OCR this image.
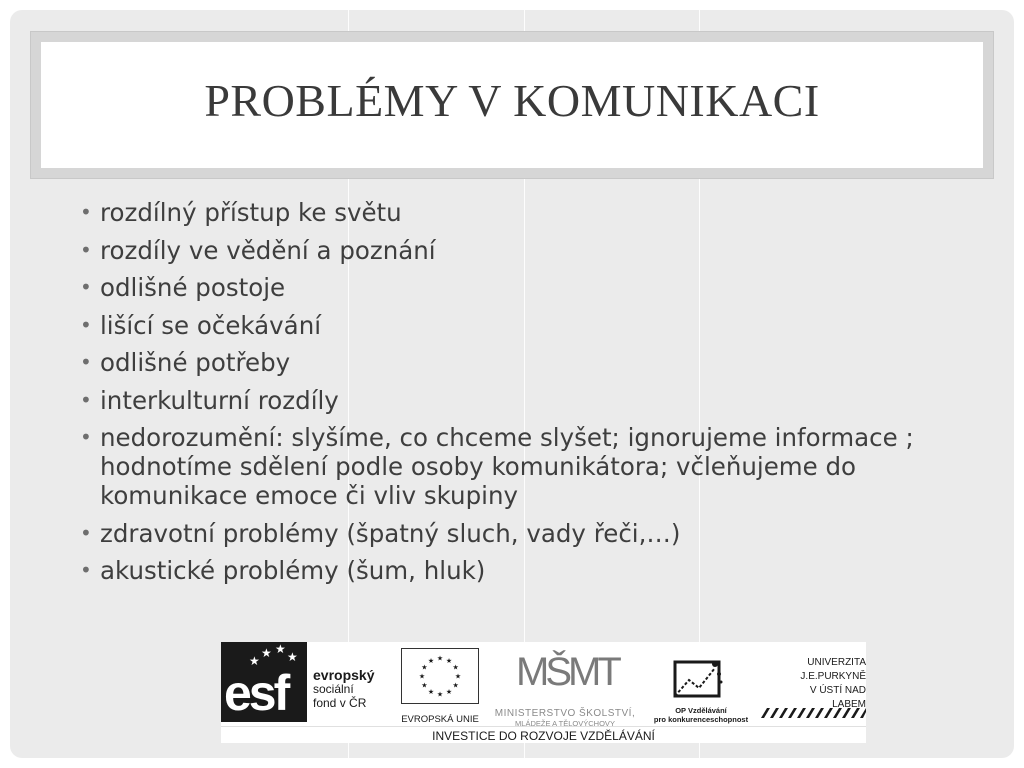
PROBLÉMY V KOMUNIKACI
• rozdílný přístup ke světu
• rozdíly ve vědění a poznání
• odlišné postoje
• lišící se očekávání
• odlišné potřeby
• interkulturní rozdíly
• nedorozumění: slyšíme, co chceme slyšet; ignorujeme informace ; hodnotíme sdělení podle osoby komunikátora; včleňujeme do komunikace emoce či vliv skupiny
• zdravotní problémy (špatný sluch, vady řeči,…)
• akustické problémy (šum, hluk)
★ ★
★
★
esf evropský
sociální
fond v ČR
★ ★
★
★
★
★
★
★
★
★
★
★
EVROPSKÁ UNIE
MŠMT
MINISTERSTVO ŠKOLSTVÍ,
MLÁDEŽE A TĚLOVÝCHOVY
OP Vzdělávání
pro konkurenceschopnost
UNIVERZITA
J.E.PURKYNĚ
V ÚSTÍ NAD LABEM
INVESTICE DO ROZVOJE VZDĚLÁVÁNÍ
